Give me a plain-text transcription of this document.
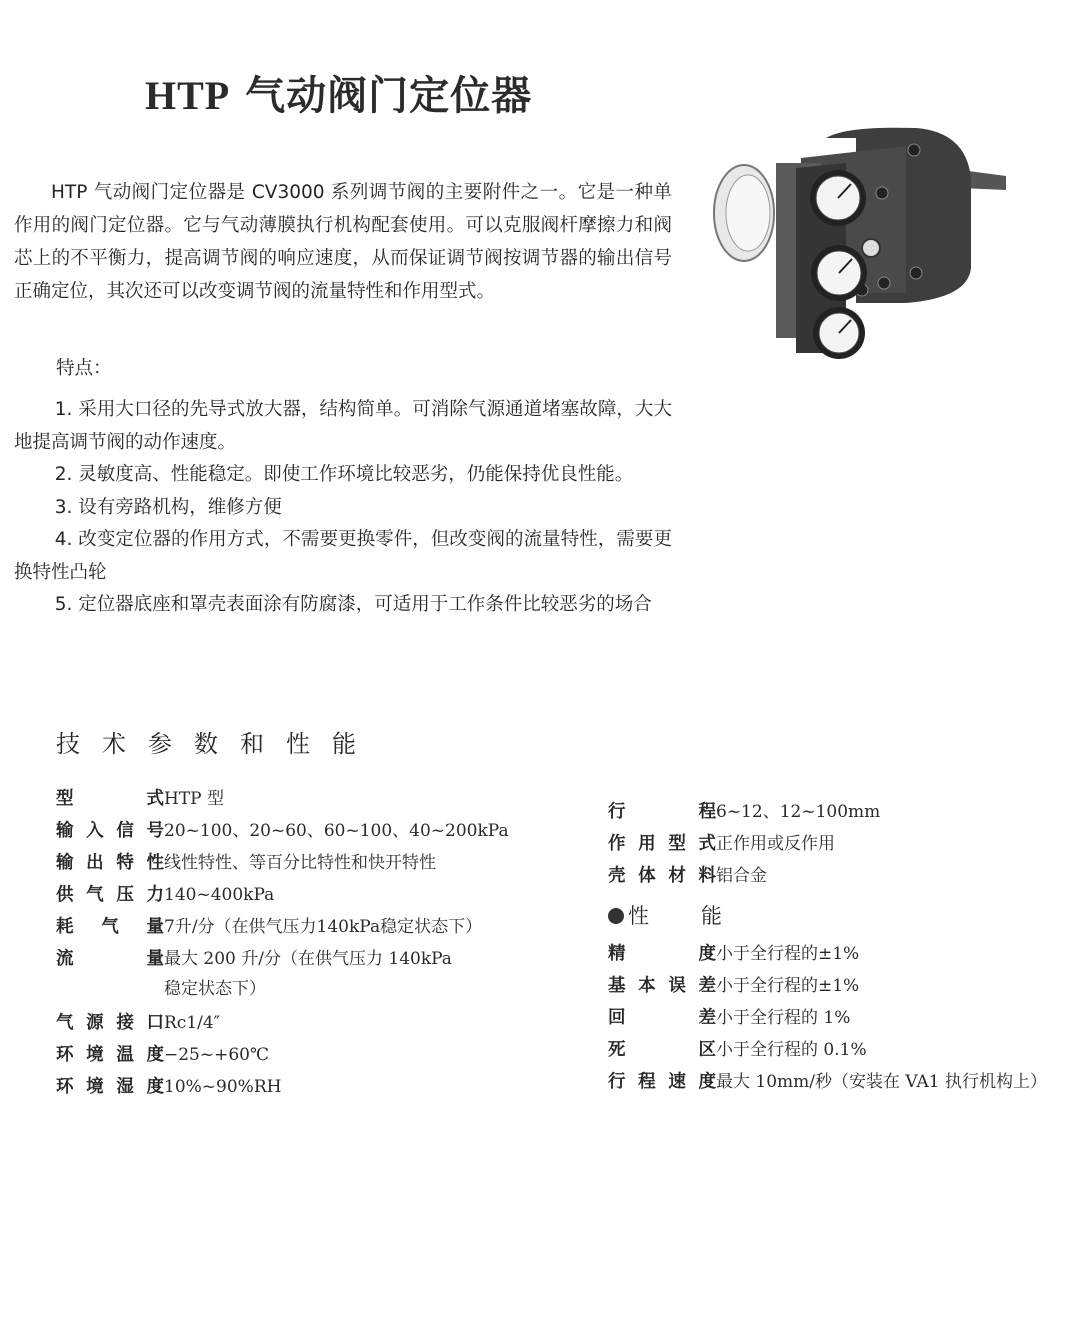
HTP 气动阀门定位器

HTP 气动阀门定位器是 CV3000 系列调节阀的主要附件之一。它是一种单作用的阀门定位器。它与气动薄膜执行机构配套使用。可以克服阀杆摩擦力和阀芯上的不平衡力，提高调节阀的响应速度，从而保证调节阀按调节器的输出信号正确定位，其次还可以改变调节阀的流量特性和作用型式。

特点：

1. 采用大口径的先导式放大器，结构简单。可消除气源通道堵塞故障，大大地提高调节阀的动作速度。

2. 灵敏度高、性能稳定。即使工作环境比较恶劣，仍能保持优良性能。

3. 设有旁路机构，维修方便

4. 改变定位器的作用方式，不需要更换零件，但改变阀的流量特性，需要更换特性凸轮

5. 定位器底座和罩壳表面涂有防腐漆，可适用于工作条件比较恶劣的场合

技术参数和性能
型	式 HTP 型
输 入 信 号 20~100、20~60、60~100、40~200kPa
输 出 特 性 线性特性、等百分比特性和快开特性
供 气 压 力 140~400kPa
耗 气 量 7升/分（在供气压力140kPa稳定状态下）
流	量 最大 200 升/分（在供气压力 140kPa
稳定状态下）
气 源 接 口 Rc1/4″
环 境 温 度 −25~+60℃
环 境 湿 度 10%~90%RH
行	程 6~12、12~100mm
作 用 型 式 正作用或反作用
壳 体 材 料 铝合金
性 能
精	度 小于全行程的±1%
基 本 误 差 小于全行程的±1%
回	差 小于全行程的 1%
死	区 小于全行程的 0.1%
行 程 速 度 最大 10mm/秒（安装在 VA1 执行机构上）
